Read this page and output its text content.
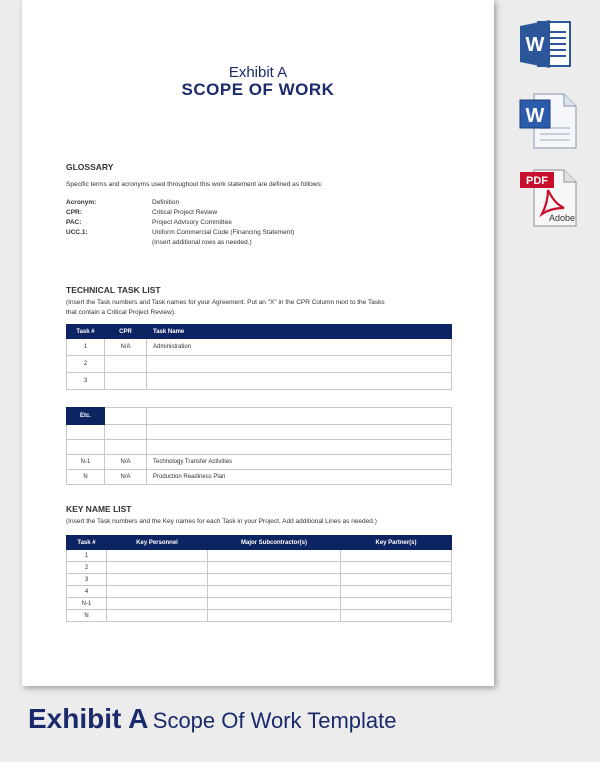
Exhibit A
SCOPE OF WORK
GLOSSARY
Specific terms and acronyms used throughout this work statement are defined as follows:
Acronym:	Definition
CPR:	Critical Project Review
PAC:	Project Advisory Committee
UCC.1:	Uniform Commercial Code (Financing Statement)
(Insert additional rows as needed.)
TECHNICAL TASK LIST
(Insert the Task numbers and Task names for your Agreement. Put an "X" in the CPR Column next to the Tasks
that contain a Critical Project Review).
Task #	CPR	Task Name
1	N/A	Administration
2		
3		
Etc.		

N-1	N/A	Technology Transfer Activities
N	N/A	Production Readiness Plan
KEY NAME LIST
(Insert the Task numbers and the Key names for each Task in your Project. Add additional Lines as needed.)
Task #	Key Personnel	Major Subcontractor(s)	Key Partner(s)
1			
2			
3			
4			
N-1			
N			
W
W
PDF
Adobe
Exhibit A Scope Of Work Template
